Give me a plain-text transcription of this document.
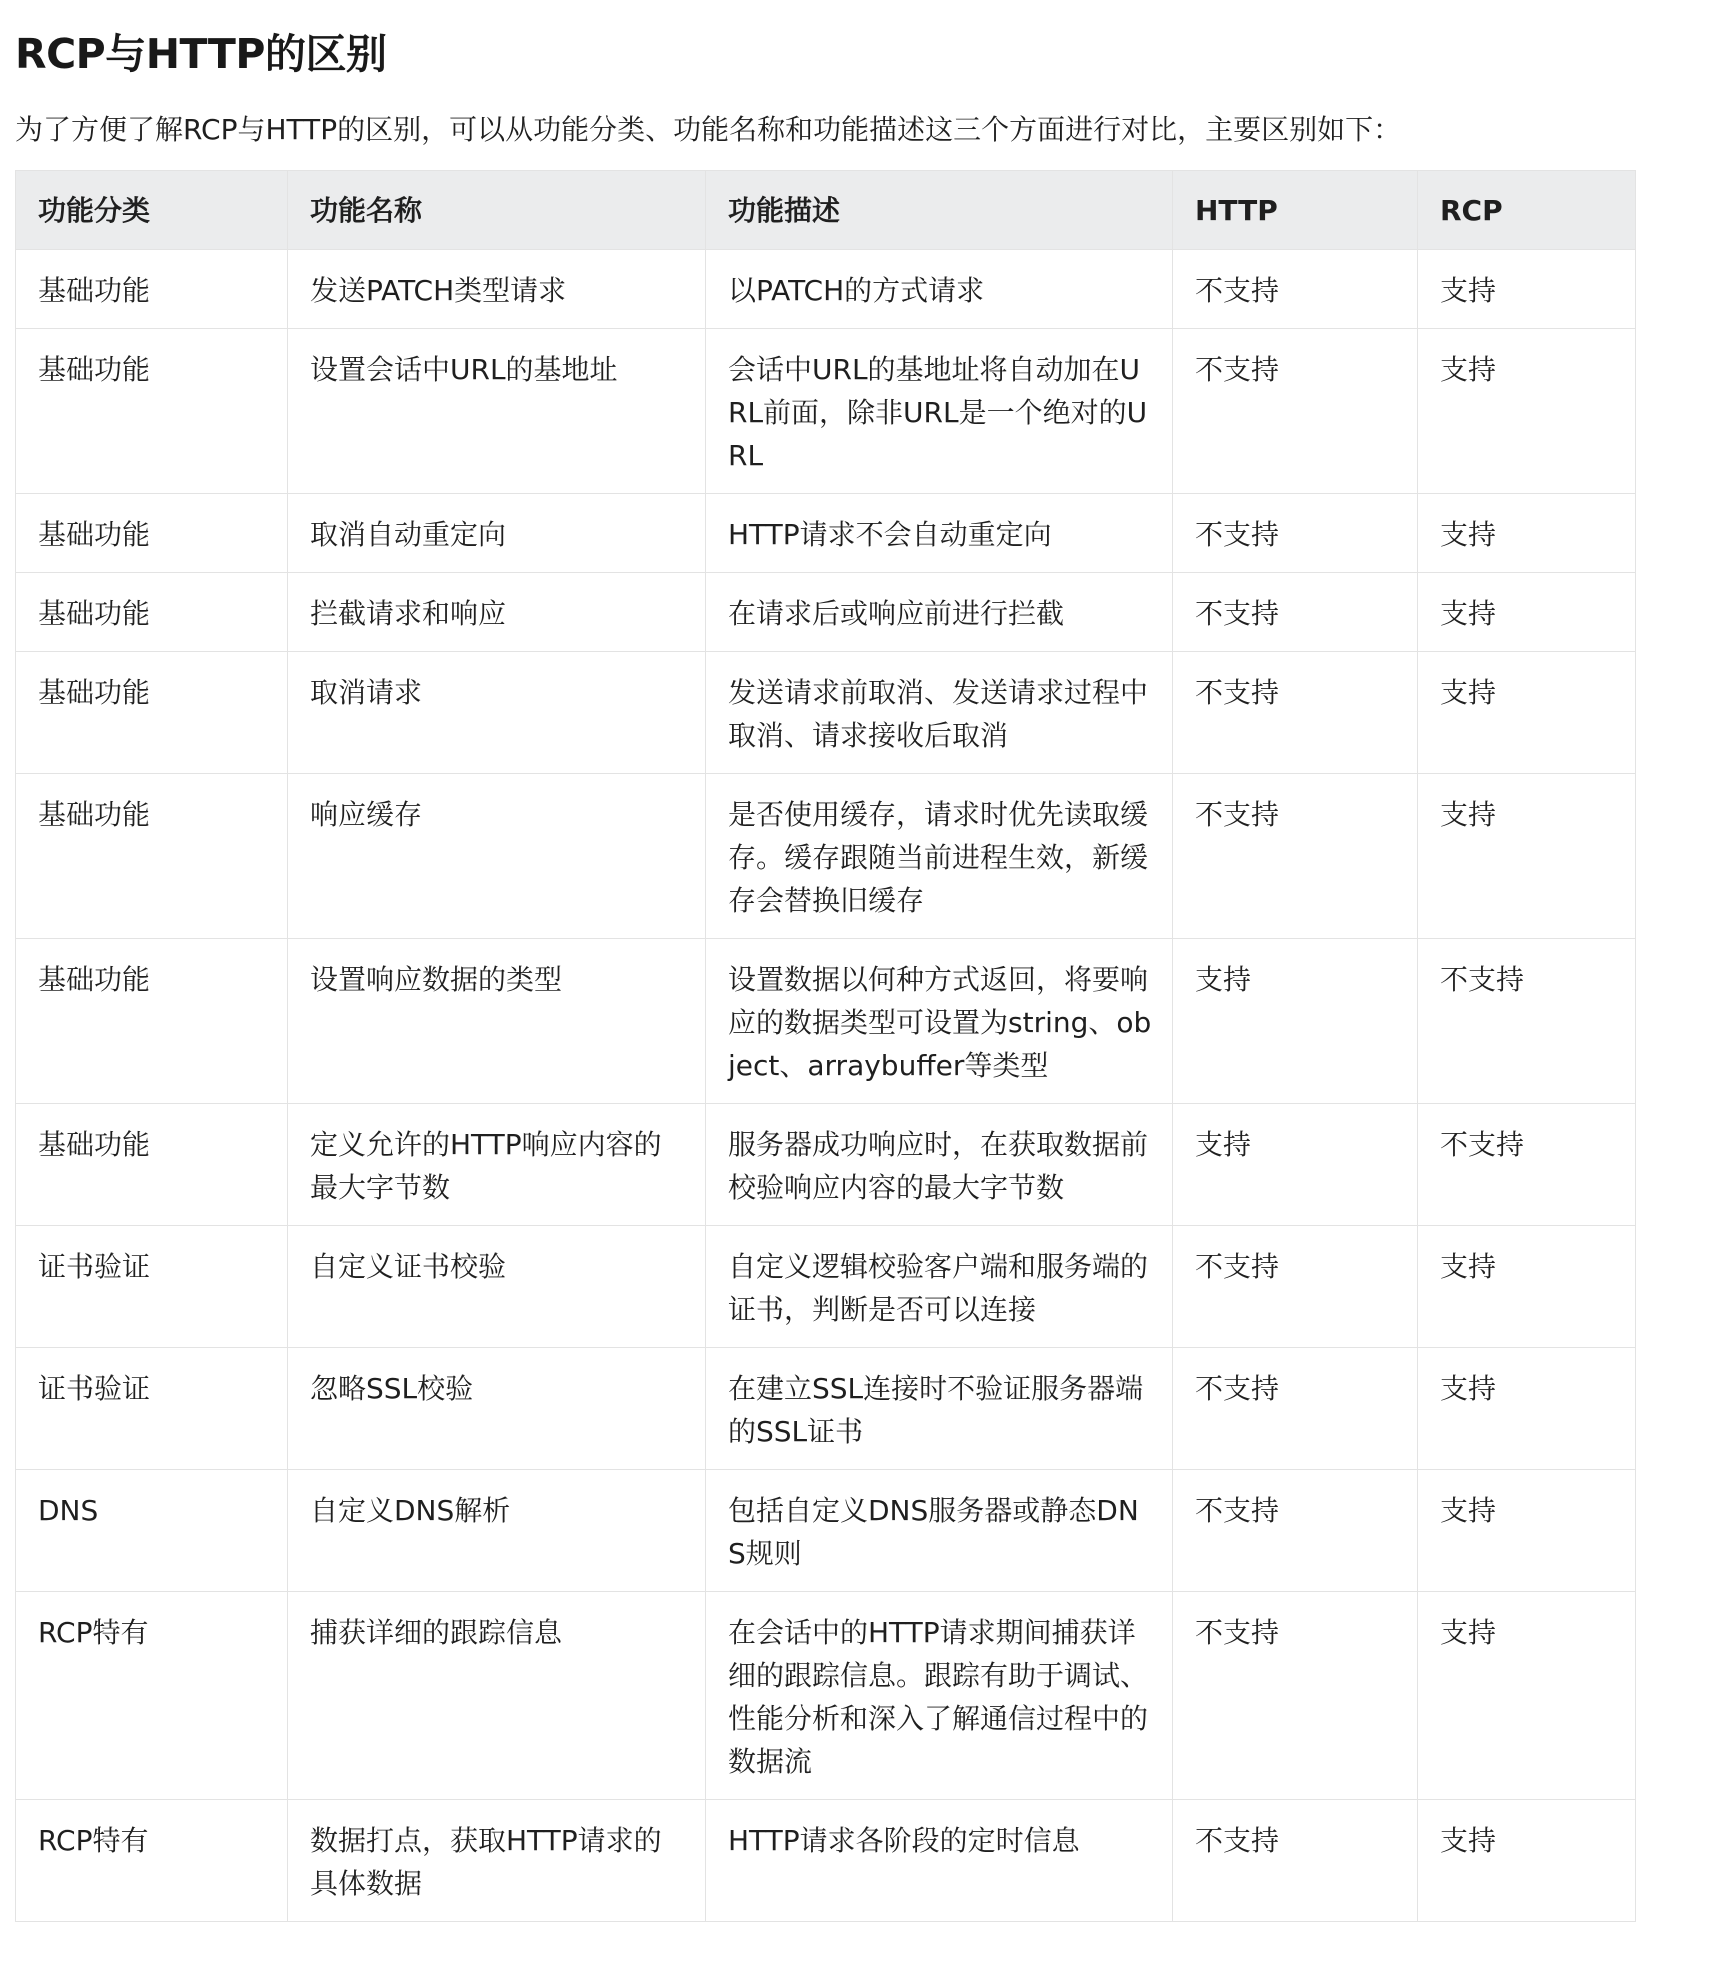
RCP与HTTP的区别

为了方便了解RCP与HTTP的区别，可以从功能分类、功能名称和功能描述这三个方面进行对比，主要区别如下：

功能分类	功能名称	功能描述	HTTP	RCP
基础功能	发送PATCH类型请求	以PATCH的方式请求	不支持	支持
基础功能	设置会话中URL的基地址	会话中URL的基地址将自动加在URL前面，除非URL是一个绝对的URL	不支持	支持
基础功能	取消自动重定向	HTTP请求不会自动重定向	不支持	支持
基础功能	拦截请求和响应	在请求后或响应前进行拦截	不支持	支持
基础功能	取消请求	发送请求前取消、发送请求过程中取消、请求接收后取消	不支持	支持
基础功能	响应缓存	是否使用缓存，请求时优先读取缓存。缓存跟随当前进程生效，新缓存会替换旧缓存	不支持	支持
基础功能	设置响应数据的类型	设置数据以何种方式返回，将要响应的数据类型可设置为string、object、arraybuffer等类型	支持	不支持
基础功能	定义允许的HTTP响应内容的最大字节数	服务器成功响应时，在获取数据前校验响应内容的最大字节数	支持	不支持
证书验证	自定义证书校验	自定义逻辑校验客户端和服务端的证书，判断是否可以连接	不支持	支持
证书验证	忽略SSL校验	在建立SSL连接时不验证服务器端的SSL证书	不支持	支持
DNS	自定义DNS解析	包括自定义DNS服务器或静态DNS规则	不支持	支持
RCP特有	捕获详细的跟踪信息	在会话中的HTTP请求期间捕获详细的跟踪信息。跟踪有助于调试、性能分析和深入了解通信过程中的数据流	不支持	支持
RCP特有	数据打点，获取HTTP请求的具体数据	HTTP请求各阶段的定时信息	不支持	支持
